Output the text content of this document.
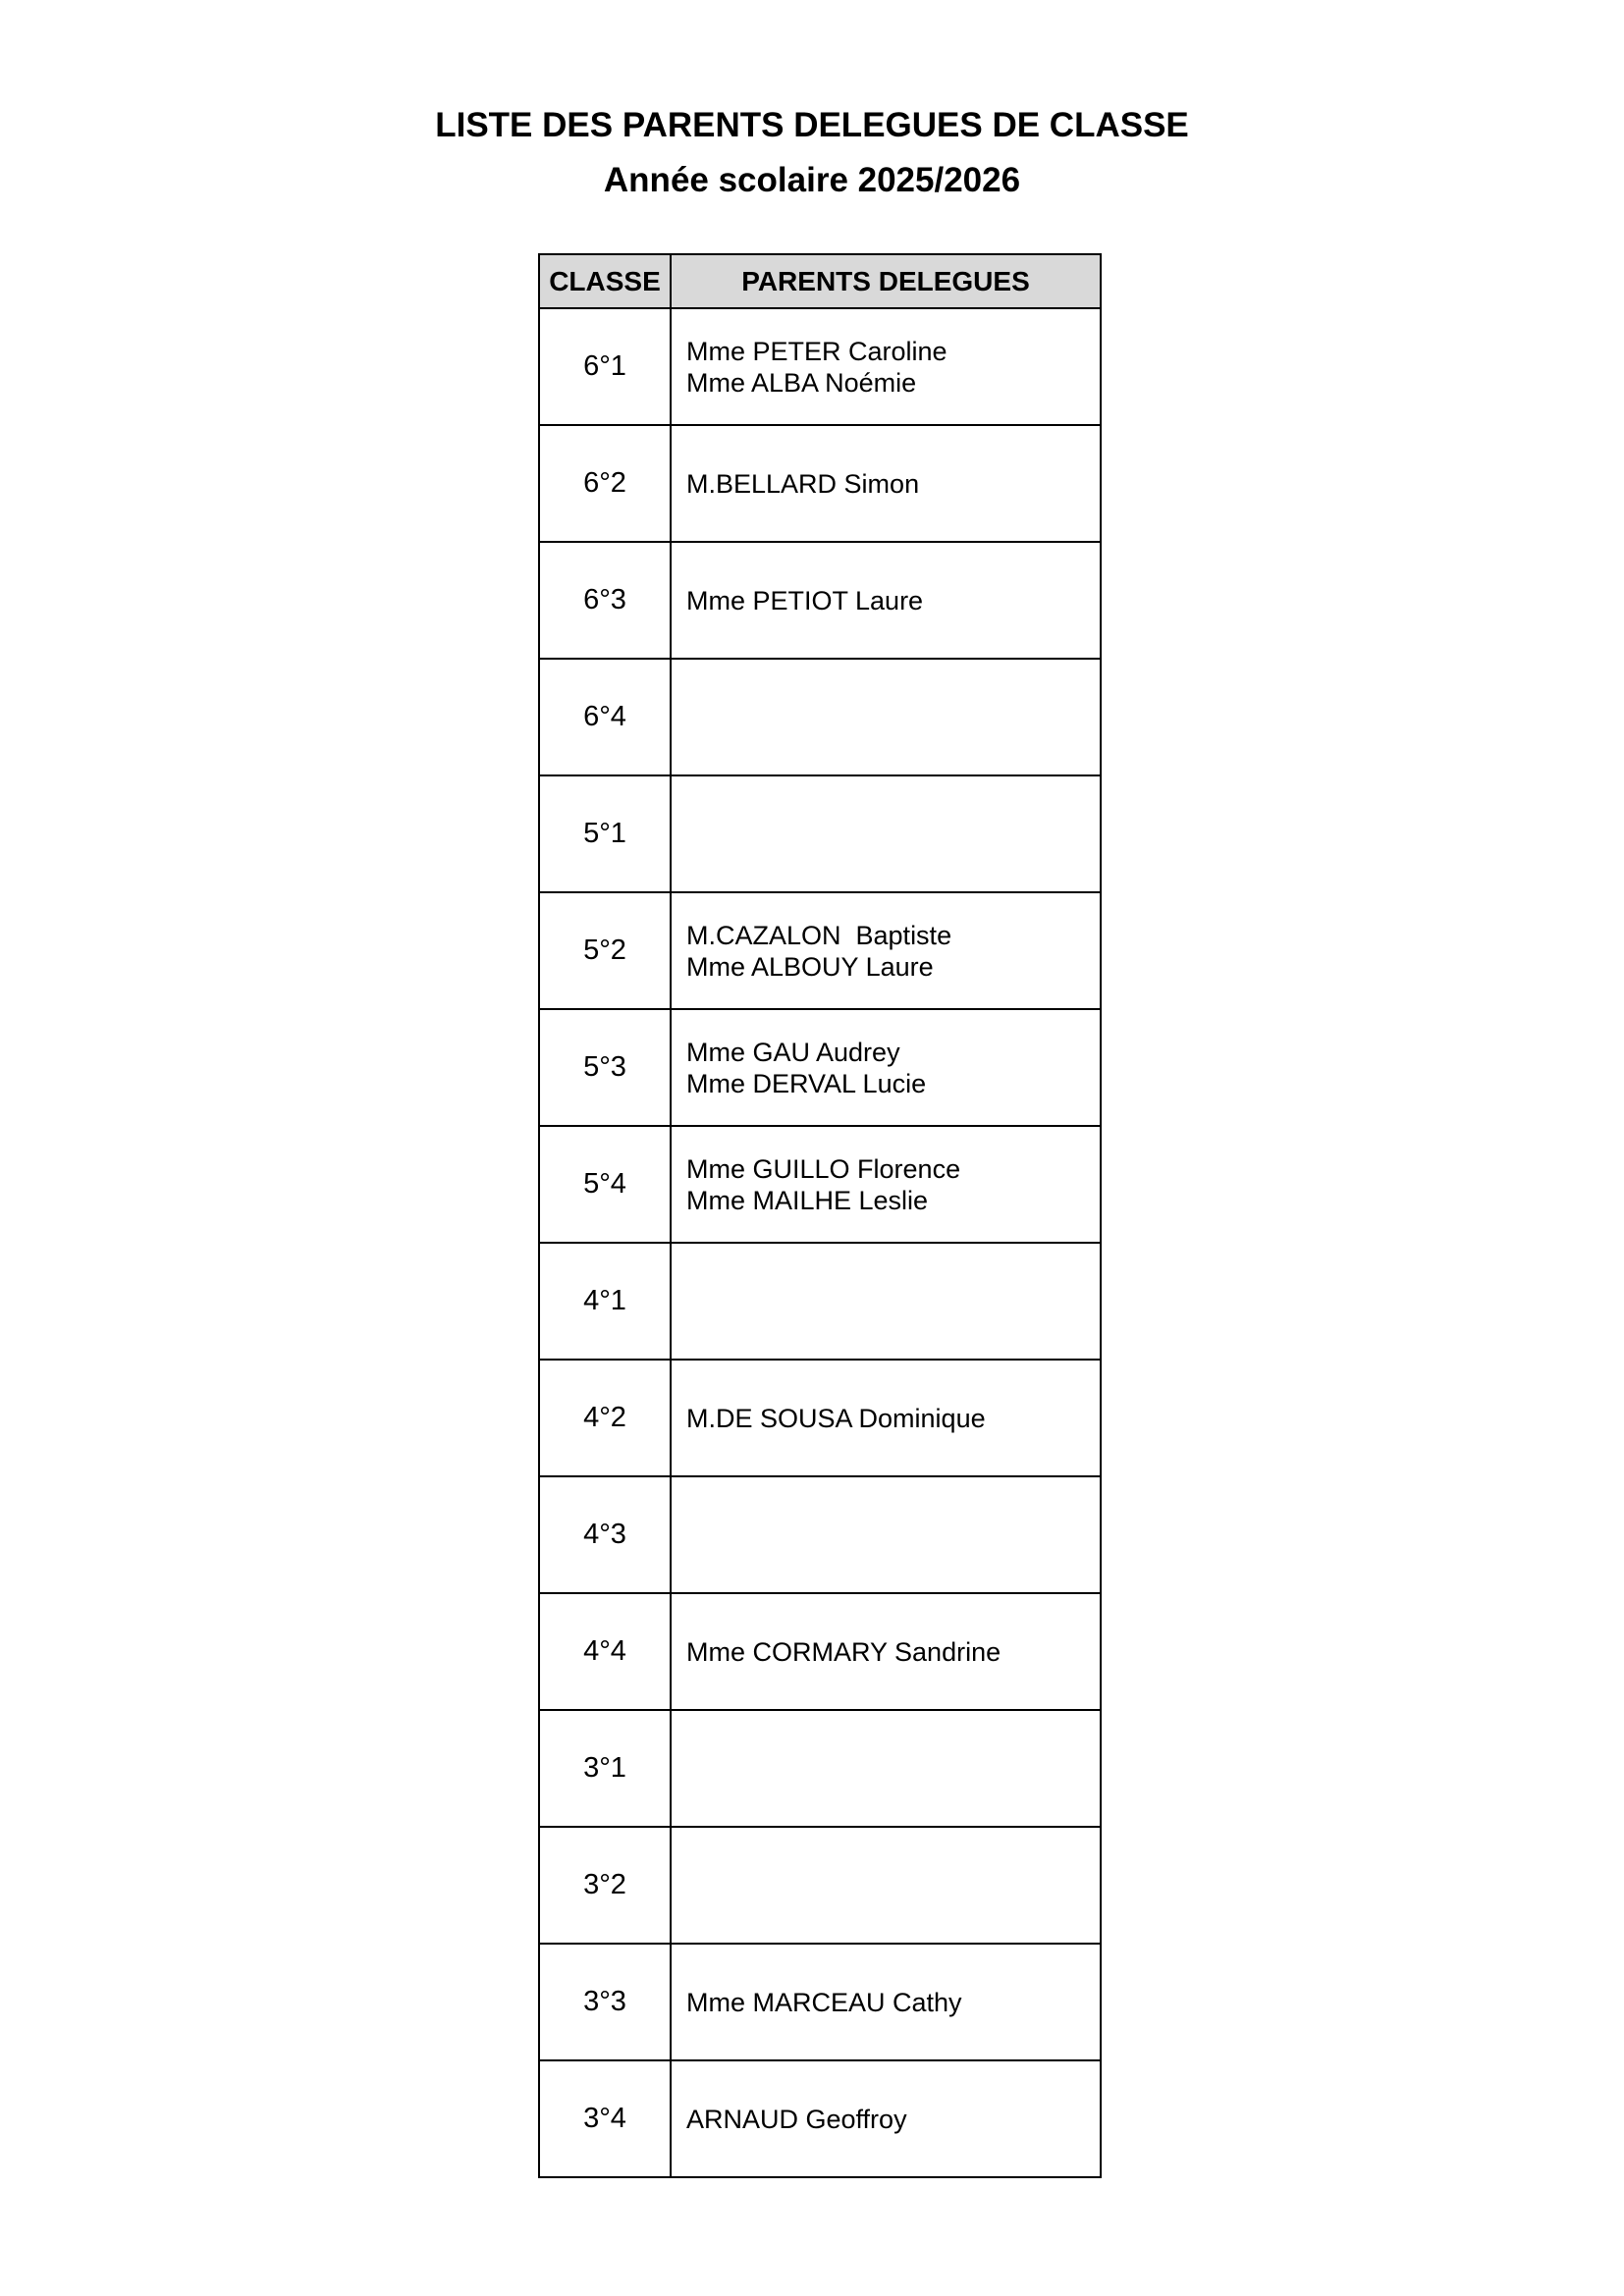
LISTE DES PARENTS DELEGUES DE CLASSE
Année scolaire 2025/2026
CLASSE	PARENTS DELEGUES
6°1	Mme PETER Caroline
Mme ALBA Noémie

6°2	M.BELLARD Simon

6°3	Mme PETIOT Laure

6°4	
5°1	
5°2	M.CAZALON  Baptiste
Mme ALBOUY Laure

5°3	Mme GAU Audrey
Mme DERVAL Lucie

5°4	Mme GUILLO Florence
Mme MAILHE Leslie

4°1	
4°2	M.DE SOUSA Dominique

4°3	
4°4	Mme CORMARY Sandrine

3°1	
3°2	
3°3	Mme MARCEAU Cathy

3°4	ARNAUD Geoffroy
